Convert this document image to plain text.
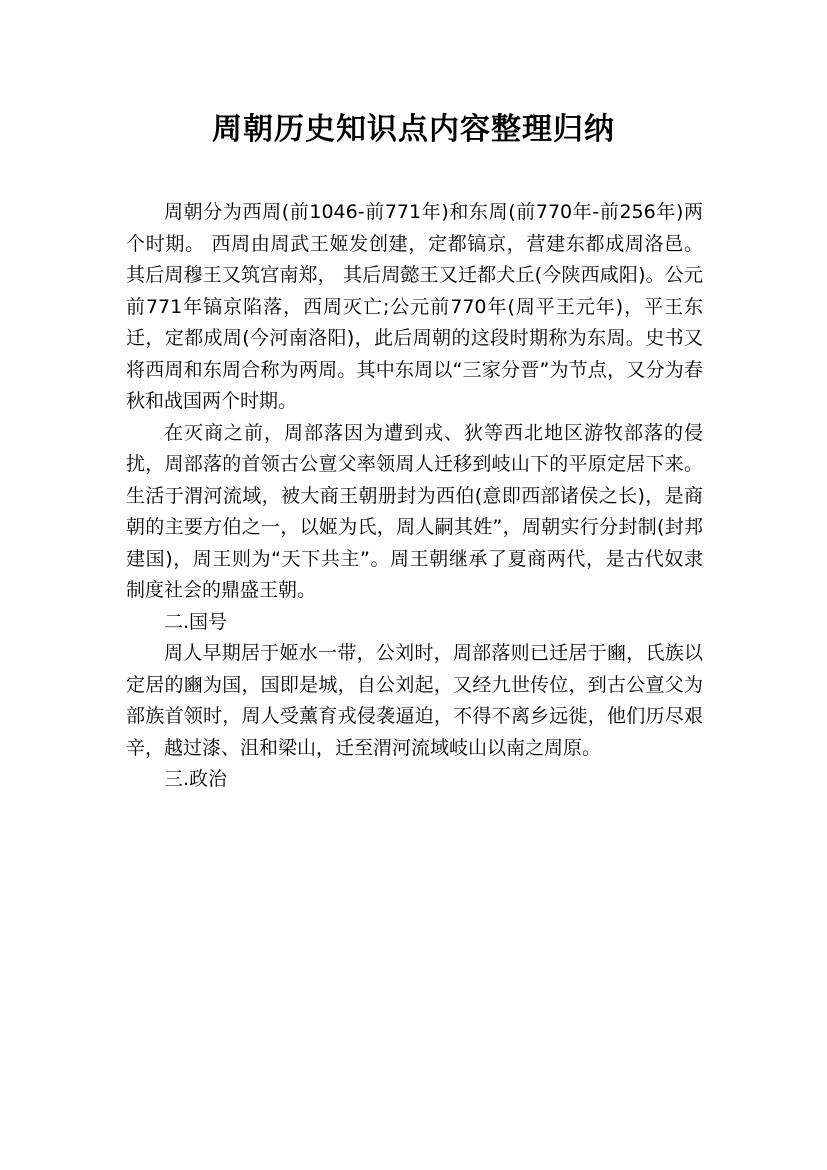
周朝历史知识点内容整理归纳

周朝分为西周(前1046-前771年)和东周(前770年-前256年)两个时期。 西周由周武王姬发创建，定都镐京，营建东都成周洛邑。 其后周穆王又筑宫南郑， 其后周懿王又迁都犬丘(今陕西咸阳)。公元前771年镐京陷落，西周灭亡;公元前770年(周平王元年)，平王东迁，定都成周(今河南洛阳)，此后周朝的这段时期称为东周。史书又将西周和东周合称为两周。其中东周以“三家分晋”为节点，又分为春秋和战国两个时期。

在灭商之前，周部落因为遭到戎、狄等西北地区游牧部落的侵扰，周部落的首领古公亶父率领周人迁移到岐山下的平原定居下来。生活于渭河流域，被大商王朝册封为西伯(意即西部诸侯之长)，是商朝的主要方伯之一，以姬为氏，周人嗣其姓”，周朝实行分封制(封邦建国)，周王则为“天下共主”。周王朝继承了夏商两代，是古代奴隶制度社会的鼎盛王朝。

二.国号

周人早期居于姬水一带，公刘时，周部落则已迁居于豳，氏族以定居的豳为国，国即是城，自公刘起，又经九世传位，到古公亶父为部族首领时，周人受薰育戎侵袭逼迫，不得不离乡远徙，他们历尽艰辛，越过漆、沮和梁山，迁至渭河流域岐山以南之周原。

三.政治
